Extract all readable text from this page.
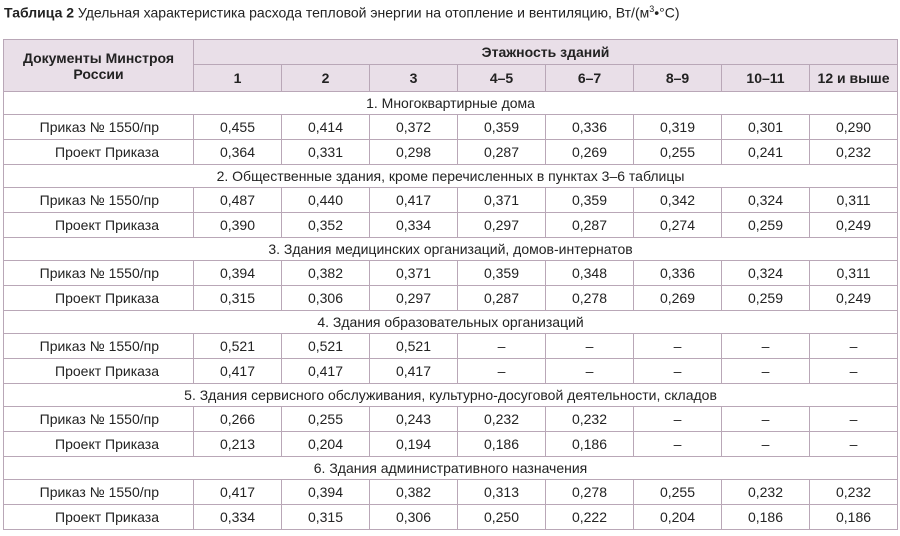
Таблица 2 Удельная характеристика расхода тепловой энергии на отопление и вентиляцию, $Вт/(м^3•^\circ С)$
Документы Минстроя России	Этажность зданий							
	1	2	3	4–5	6–7	8–9	10–11	12 и выше
1. Многоквартирные дома								
Приказ № 1550/пр	0,455	0,414	0,372	0,359	0,336	0,319	0,301	0,290
Проект Приказа	0,364	0,331	0,298	0,287	0,269	0,255	0,241	0,232
2. Общественные здания, кроме перечисленных в пунктах 3–6 таблицы								
Приказ № 1550/пр	0,487	0,440	0,417	0,371	0,359	0,342	0,324	0,311
Проект Приказа	0,390	0,352	0,334	0,297	0,287	0,274	0,259	0,249
3. Здания медицинских организаций, домов-интернатов								
Приказ № 1550/пр	0,394	0,382	0,371	0,359	0,348	0,336	0,324	0,311
Проект Приказа	0,315	0,306	0,297	0,287	0,278	0,269	0,259	0,249
4. Здания образовательных организаций								
Приказ № 1550/пр	0,521	0,521	0,521	–	–	–	–	–
Проект Приказа	0,417	0,417	0,417	–	–	–	–	–
5. Здания сервисного обслуживания, культурно-досуговой деятельности, складов								
Приказ № 1550/пр	0,266	0,255	0,243	0,232	0,232	–	–	–
Проект Приказа	0,213	0,204	0,194	0,186	0,186	–	–	–
6. Здания административного назначения								
Приказ № 1550/пр	0,417	0,394	0,382	0,313	0,278	0,255	0,232	0,232
Проект Приказа	0,334	0,315	0,306	0,250	0,222	0,204	0,186	0,186
